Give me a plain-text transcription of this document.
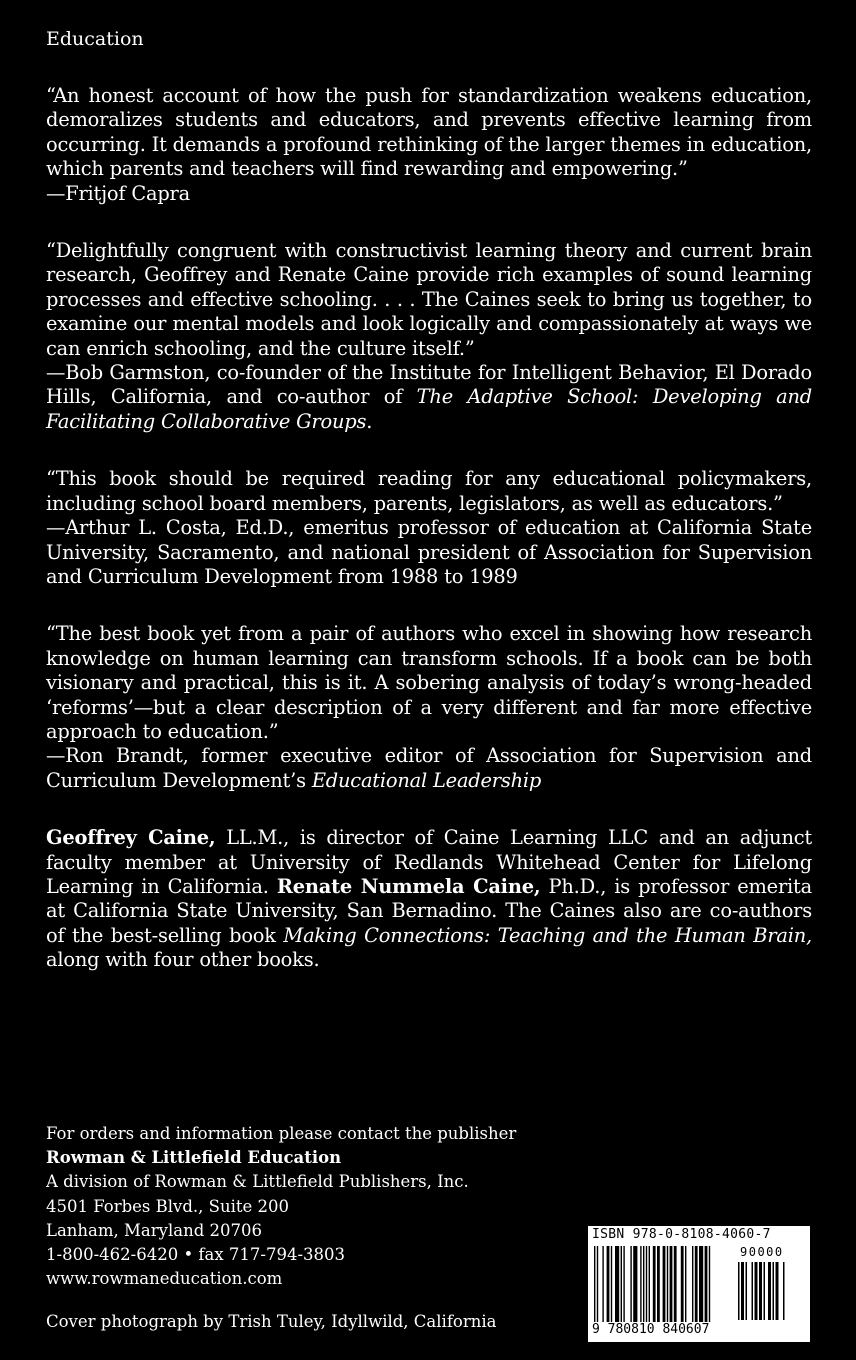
Education

“An honest account of how the push for standardization weakens education, demoralizes students and educators, and prevents effective learning from occurring. It demands a profound rethinking of the larger themes in education, which parents and teachers will find rewarding and empowering.”

—Fritjof Capra

“Delightfully congruent with constructivist learning theory and current brain research, Geoffrey and Renate Caine provide rich examples of sound learning processes and effective schooling. . . . The Caines seek to bring us together, to examine our mental models and look logically and compassionately at ways we can enrich schooling, and the culture itself.”

—Bob Garmston, co-founder of the Institute for Intelligent Behavior, El Dorado Hills, California, and co-author of The Adaptive School: Developing and Facilitating Collaborative Groups.

“This book should be required reading for any educational policymakers, including school board members, parents, legislators, as well as educators.”

—Arthur L. Costa, Ed.D., emeritus professor of education at California State University, Sacramento, and national president of Association for Supervision and Curriculum Development from 1988 to 1989

“The best book yet from a pair of authors who excel in showing how research knowledge on human learning can transform schools. If a book can be both visionary and practical, this is it. A sobering analysis of today’s wrong-headed ‘reforms’—but a clear description of a very different and far more effective approach to education.”

—Ron Brandt, former executive editor of Association for Supervision and Curriculum Development’s Educational Leadership

Geoffrey Caine, LL.M., is director of Caine Learning LLC and an adjunct faculty member at University of Redlands Whitehead Center for Lifelong Learning in California. Renate Nummela Caine, Ph.D., is professor emerita at California State University, San Bernadino. The Caines also are co-authors of the best-selling book Making Connections: Teaching and the Human Brain, along with four other books.

For orders and information please contact the publisher
Rowman & Littlefield Education
A division of Rowman & Littlefield Publishers, Inc.
4501 Forbes Blvd., Suite 200
Lanham, Maryland 20706
1-800-462-6420 • fax 717-794-3803
www.rowmaneducation.com
Cover photograph by Trish Tuley, Idyllwild, California
ISBN 978-0-8108-4060-7
90000
9 780810 840607
